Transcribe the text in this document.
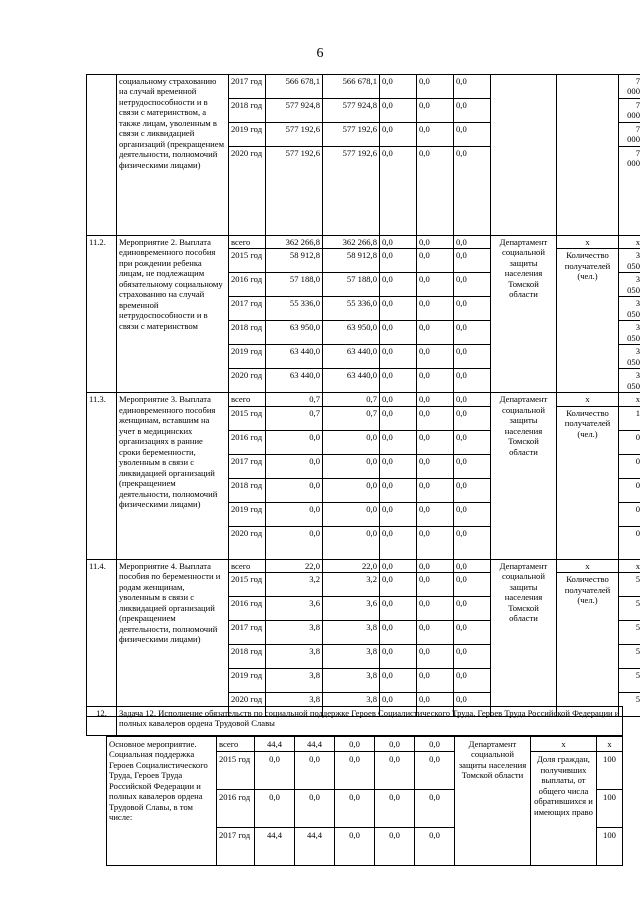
6
	социальному страхованию на случай временной нетрудоспособности и в связи с материнством, а также лицам, уволенным в связи с ликвидацией организаций (прекращением деятельности, полномочий физическими лицами)	2017 год	566 678,1	566 678,1	0,0	0,0	0,0			7 000
		2018 год	577 924,8	577 924,8	0,0	0,0	0,0			7 000
		2019 год	577 192,6	577 192,6	0,0	0,0	0,0			7 000
		2020 год	577 192,6	577 192,6	0,0	0,0	0,0			7 000
11.2.	Мероприятие 2. Выплата единовременного пособия при рождении ребенка лицам, не подлежащим обязательному социальному страхованию на случай временной нетрудоспособности и в связи с материнством	всего	362 266,8	362 266,8	0,0	0,0	0,0	Департамент социальной защиты населения Томской области	х	х
		2015 год	58 912,8	58 912,8	0,0	0,0	0,0		Количество получателей (чел.)	3 050
		2016 год	57 188,0	57 188,0	0,0	0,0	0,0			3 050
		2017 год	55 336,0	55 336,0	0,0	0,0	0,0			3 050
		2018 год	63 950,0	63 950,0	0,0	0,0	0,0			3 050
		2019 год	63 440,0	63 440,0	0,0	0,0	0,0			3 050
		2020 год	63 440,0	63 440,0	0,0	0,0	0,0			3 050
11.3.	Мероприятие 3. Выплата единовременного пособия женщинам, вставшим на учет в медицинских организациях в ранние сроки беременности, уволенным в связи с ликвидацией организаций (прекращением деятельности, полномочий физическими лицами)	всего	0,7	0,7	0,0	0,0	0,0	Департамент социальной защиты населения Томской области	х	х
		2015 год	0,7	0,7	0,0	0,0	0,0		Количество получателей (чел.)	1
		2016 год	0,0	0,0	0,0	0,0	0,0			0
		2017 год	0,0	0,0	0,0	0,0	0,0			0
		2018 год	0,0	0,0	0,0	0,0	0,0			0
		2019 год	0,0	0,0	0,0	0,0	0,0			0
		2020 год	0,0	0,0	0,0	0,0	0,0			0
11.4.	Мероприятие 4. Выплата пособия по беременности и родам женщинам, уволенным в связи с ликвидацией организаций (прекращением деятельности, полномочий физическими лицами)	всего	22,0	22,0	0,0	0,0	0,0	Департамент социальной защиты населения Томской области	х	х
		2015 год	3,2	3,2	0,0	0,0	0,0		Количество получателей (чел.)	5
		2016 год	3,6	3,6	0,0	0,0	0,0			5
		2017 год	3,8	3,8	0,0	0,0	0,0			5
		2018 год	3,8	3,8	0,0	0,0	0,0			5
		2019 год	3,8	3,8	0,0	0,0	0,0			5
		2020 год	3,8	3,8	0,0	0,0	0,0			5
12.	Задача 12. Исполнение обязательств по социальной поддержке Героев Социалистического Труда, Героев Труда Российской Федерации и полных кавалеров ордена Трудовой Славы
Основное мероприятие. Социальная поддержка Героев Социалистического Труда, Героев Труда Российской Федерации и полных кавалеров ордена Трудовой Славы, в том числе:	всего	44,4	44,4	0,0	0,0	0,0	Департамент социальной защиты населения Томской области	х	х
	2015 год	0,0	0,0	0,0	0,0	0,0		Доля граждан, получивших выплаты, от общего числа обратившихся и имеющих право	100
	2016 год	0,0	0,0	0,0	0,0	0,0			100
	2017 год	44,4	44,4	0,0	0,0	0,0			100
